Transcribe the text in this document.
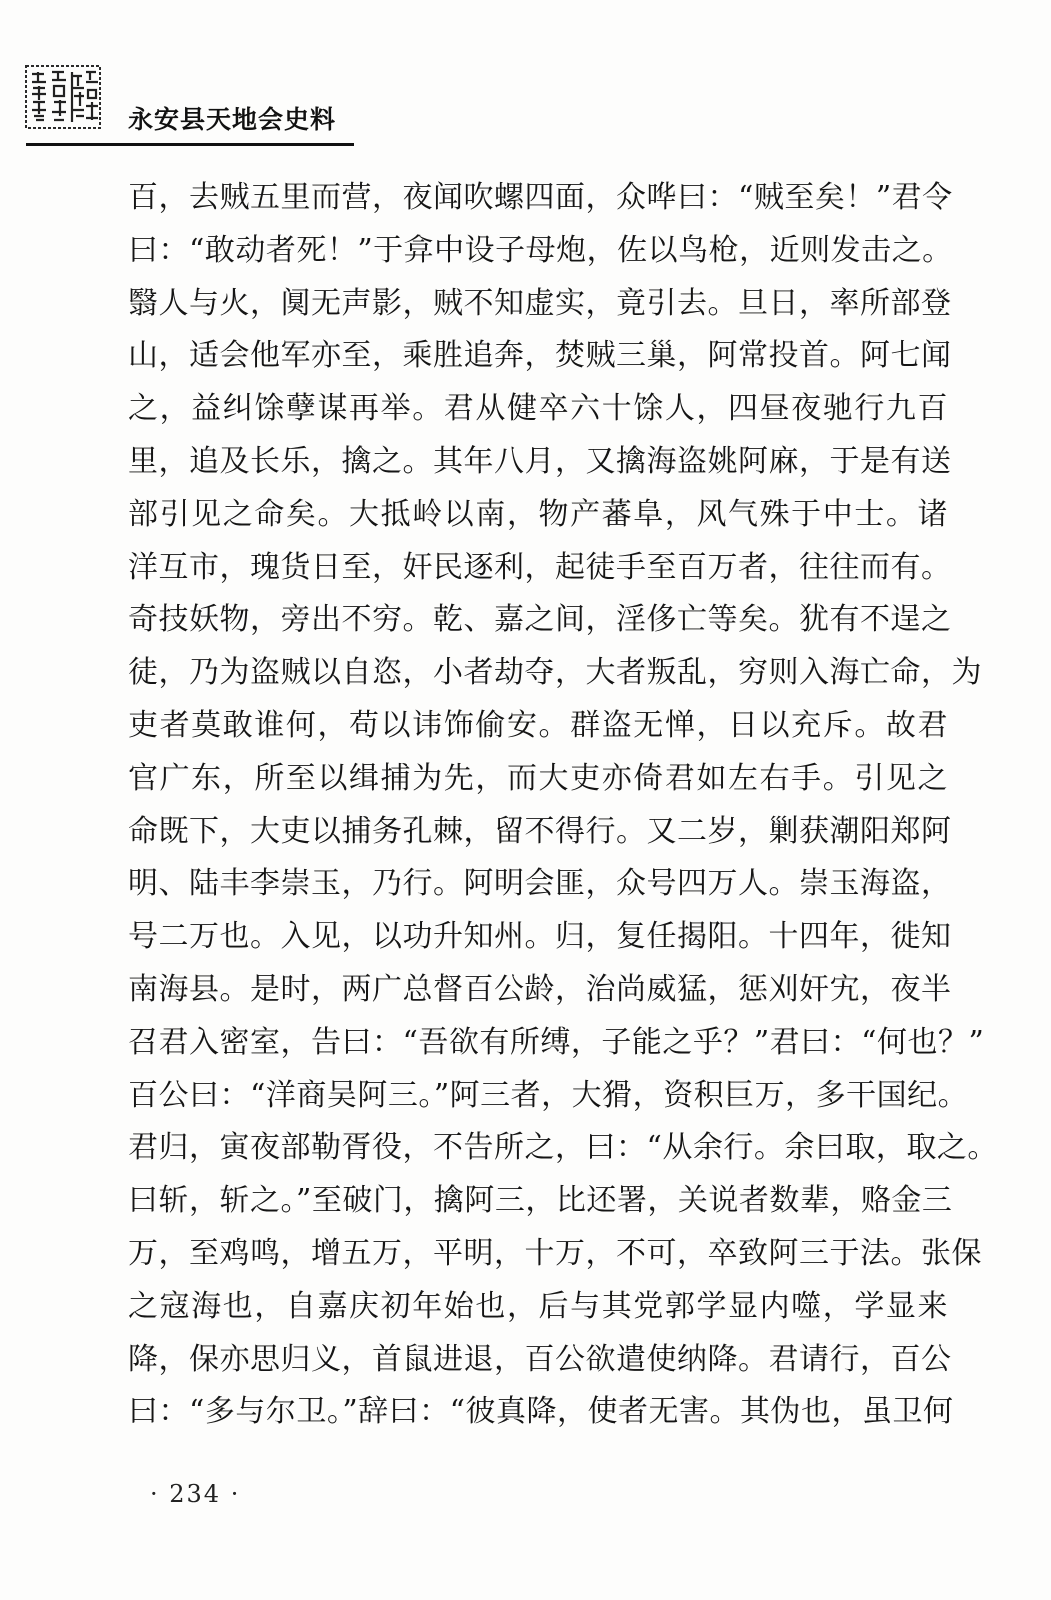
永安县天地会史料
百，去贼五里而营，夜闻吹螺四面，众哗曰：“贼至矣！”君令
曰：“敢动者死！”于弇中设子母炮，佐以鸟枪，近则发击之。
翳人与火，阒无声影，贼不知虚实，竟引去。旦日，率所部登
山，适会他军亦至，乘胜追奔，焚贼三巢，阿常投首。阿七闻
之，益纠馀孽谋再举。君从健卒六十馀人，四昼夜驰行九百
里，追及长乐，擒之。其年八月，又擒海盗姚阿麻，于是有送
部引见之命矣。大抵岭以南，物产蕃阜，风气殊于中士。诸
洋互市，瑰货日至，奸民逐利，起徒手至百万者，往往而有。
奇技妖物，旁出不穷。乾、嘉之间，淫侈亡等矣。犹有不逞之
徒，乃为盗贼以自恣，小者劫夺，大者叛乱，穷则入海亡命，为
吏者莫敢谁何，苟以讳饰偷安。群盗无惮，日以充斥。故君
官广东，所至以缉捕为先，而大吏亦倚君如左右手。引见之
命既下，大吏以捕务孔棘，留不得行。又二岁，剿获潮阳郑阿
明、陆丰李崇玉，乃行。阿明会匪，众号四万人。崇玉海盗，
号二万也。入见，以功升知州。归，复任揭阳。十四年，徙知
南海县。是时，两广总督百公龄，治尚威猛，惩刈奸宄，夜半
召君入密室，告曰：“吾欲有所缚，子能之乎？”君曰：“何也？”
百公曰：“洋商吴阿三。”阿三者，大猾，资积巨万，多干国纪。
君归，寅夜部勒胥役，不告所之，曰：“从余行。余曰取，取之。
曰斩，斩之。”至破门，擒阿三，比还署，关说者数辈，赂金三
万，至鸡鸣，增五万，平明，十万，不可，卒致阿三于法。张保
之寇海也，自嘉庆初年始也，后与其党郭学显内噬，学显来
降，保亦思归义，首鼠进退，百公欲遣使纳降。君请行，百公
曰：“多与尔卫。”辞曰：“彼真降，使者无害。其伪也，虽卫何
· 234 ·
